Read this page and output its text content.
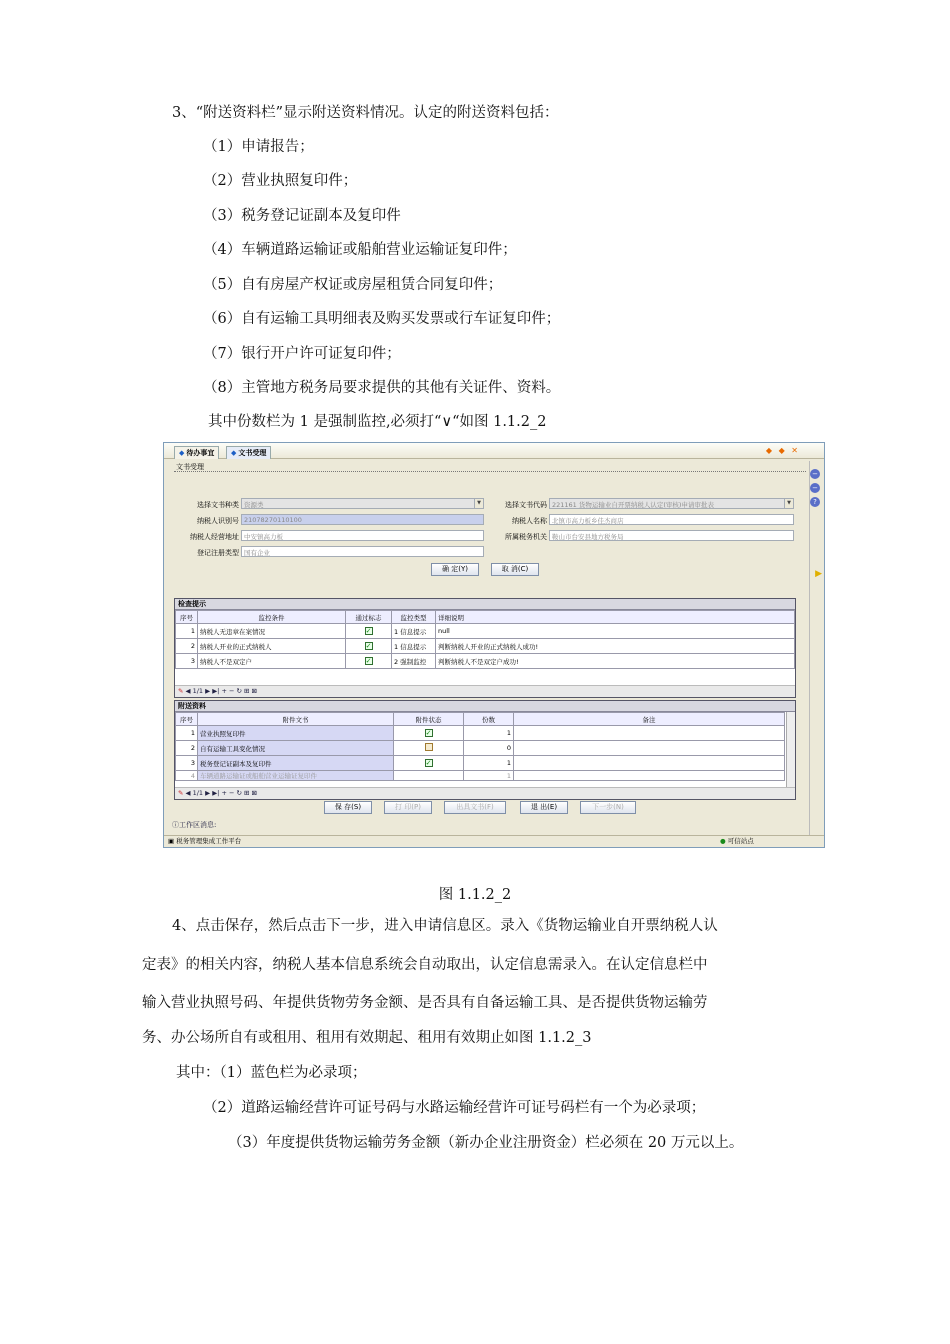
3、“附送资料栏”显示附送资料情况。认定的附送资料包括：
（1）申请报告；
（2）营业执照复印件；
（3）税务登记证副本及复印件
（4）车辆道路运输证或船舶营业运输证复印件；
（5）自有房屋产权证或房屋租赁合同复印件；
（6）自有运输工具明细表及购买发票或行车证复印件；
（7）银行开户许可证复印件；
（8）主管地方税务局要求提供的其他有关证件、资料。
其中份数栏为 1 是强制监控,必须打“∨“如图 1.1.2_2
◆ 待办事宜	◆ 文书受理	◆ ◆ ✕
文书受理
−
−
?
▶
选择文书种类 资源类	▼	选择文书代码 221161 货物运输业自开票纳税人认定(审核)申请审批表	▼
纳税人识别号 21078270110100	纳税人名称 北镇市高力板乡佳杰商店
纳税人经营地址 中安镇高力板	所属税务机关 鞍山市台安县地方税务局
登记注册类型 国有企业
确 定(Y)	取 消(C)
检查提示
序号	监控条件	通过标志	监控类型	详细说明
1	纳税人无违章在案情况	✓	1 信息提示	null
2	纳税人开业的正式纳税人	✓	1 信息提示	判断纳税人开业的正式纳税人成功!
3	纳税人不是双定户	✓	2 强制监控	判断纳税人不是双定户成功!
✎ ◀ 1/1 ▶ ▶| + − ↻ ⊞ ⊠
附送资料
序号	附件文书	附件状态	份数	备注
1	营业执照复印件	✓	1	
2	自有运输工具变化情况		0	
3	税务登记证副本及复印件	✓	1	
4	车辆道路运输证或船舶营业运输证复印件		1	
✎ ◀ 1/1 ▶ ▶| + − ↻ ⊞ ⊠
保 存(S)	打 印(P)	出具文书(F)	退 出(E)	下一步(N)
ⓘ工作区消息:
▣ 税务管理集成工作平台	● 可信站点
图 1.1.2_2
4、点击保存，然后点击下一步，进入申请信息区。录入《货物运输业自开票纳税人认
定表》的相关内容，纳税人基本信息系统会自动取出，认定信息需录入。在认定信息栏中
输入营业执照号码、年提供货物劳务金额、是否具有自备运输工具、是否提供货物运输劳
务、办公场所自有或租用、租用有效期起、租用有效期止如图 1.1.2_3
其中：（1）蓝色栏为必录项；
（2）道路运输经营许可证号码与水路运输经营许可证号码栏有一个为必录项；
（3）年度提供货物运输劳务金额（新办企业注册资金）栏必须在 20 万元以上。
